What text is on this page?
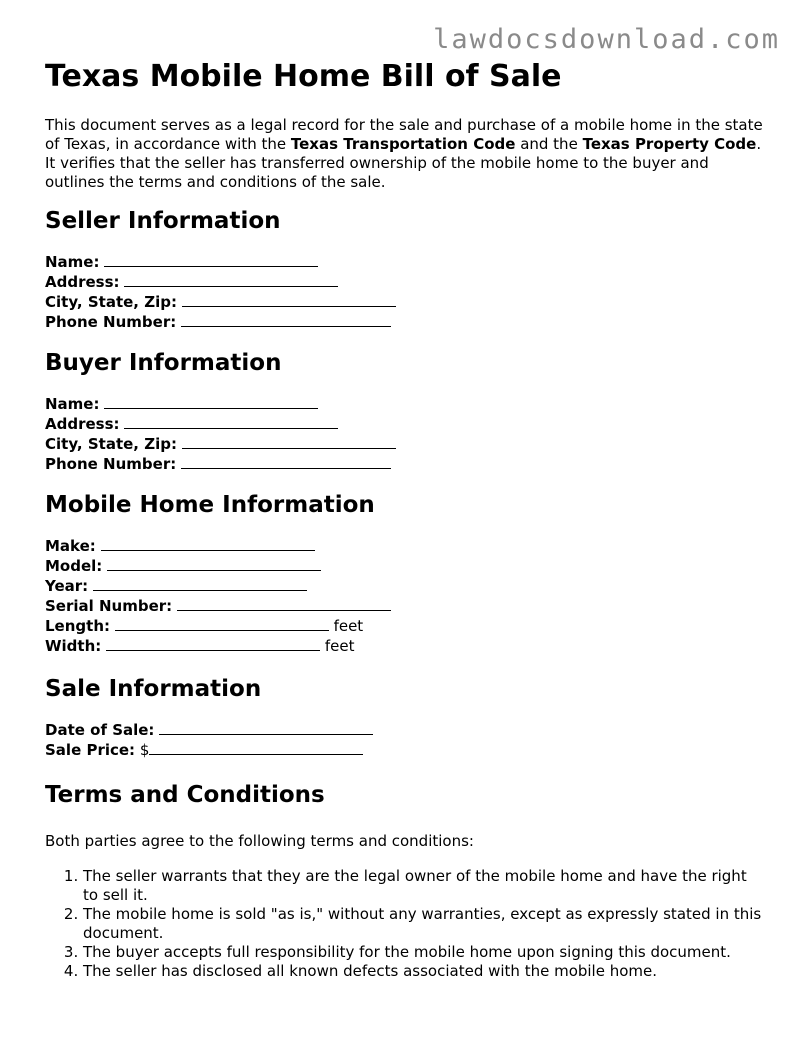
lawdocsdownload.com
Texas Mobile Home Bill of Sale

This document serves as a legal record for the sale and purchase of a mobile home in the state of Texas, in accordance with the Texas Transportation Code and the Texas Property Code. It verifies that the seller has transferred ownership of the mobile home to the buyer and outlines the terms and conditions of the sale.

Seller Information
Name:
Address:
City, State, Zip:
Phone Number:
Buyer Information
Name:
Address:
City, State, Zip:
Phone Number:
Mobile Home Information
Make:
Model:
Year:
Serial Number:
Length:	feet
Width:	feet
Sale Information
Date of Sale:
Sale Price: $
Terms and Conditions

Both parties agree to the following terms and conditions:

1. The seller warrants that they are the legal owner of the mobile home and have the right to sell it.
2. The mobile home is sold "as is," without any warranties, except as expressly stated in this document.
3. The buyer accepts full responsibility for the mobile home upon signing this document.
4. The seller has disclosed all known defects associated with the mobile home.
